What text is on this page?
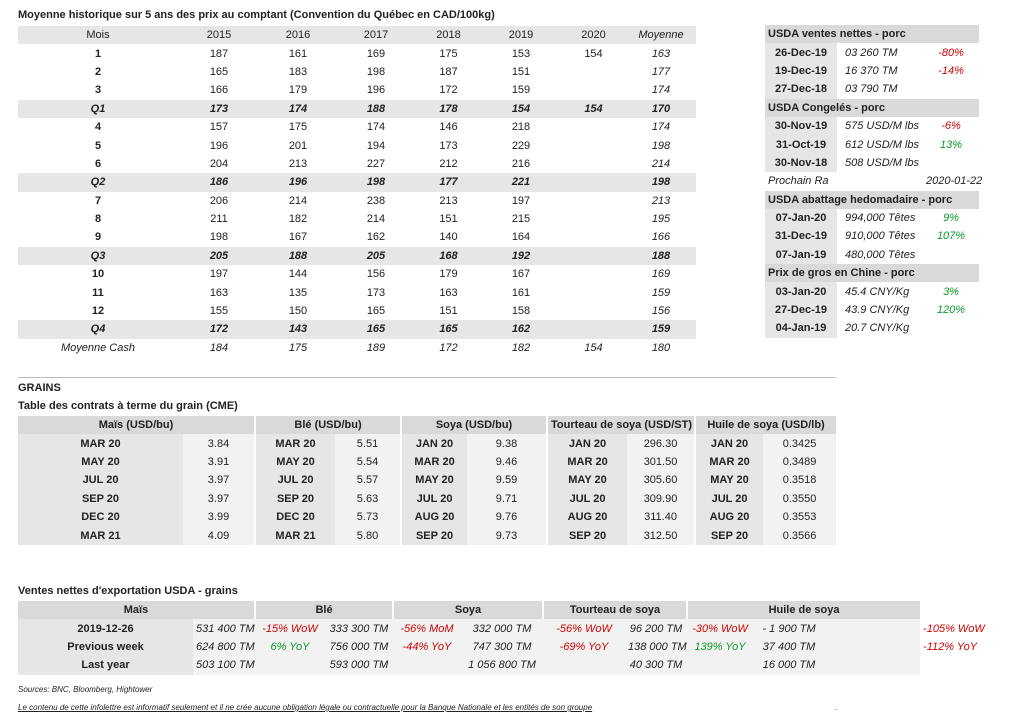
Moyenne historique sur 5 ans des prix au comptant (Convention du Québec en CAD/100kg)
Mois	2015	2016	2017	2018	2019	2020	Moyenne
1	187	161	169	175	153	154	163
2	165	183	198	187	151		177
3	166	179	196	172	159		174
Q1	173	174	188	178	154	154	170
4	157	175	174	146	218		174
5	196	201	194	173	229		198
6	204	213	227	212	216		214
Q2	186	196	198	177	221		198
7	206	214	238	213	197		213
8	211	182	214	151	215		195
9	198	167	162	140	164		166
Q3	205	188	205	168	192		188
10	197	144	156	179	167		169
11	163	135	173	163	161		159
12	155	150	165	151	158		156
Q4	172	143	165	165	162		159
Moyenne Cash	184	175	189	172	182	154	180
USDA ventes nettes - porc		
26-Dec-19	03 260 TM	-80%
19-Dec-19	16 370 TM	-14%
27-Dec-18	03 790 TM	
USDA Congelés - porc		
30-Nov-19	575 USD/M lbs	-6%
31-Oct-19	612 USD/M lbs	13%
30-Nov-18	508 USD/M lbs	
Prochain Ra		2020-01-22
USDA abattage hedomadaire - porc		
07-Jan-20	994,000 Têtes	9%
31-Dec-19	910,000 Têtes	107%
07-Jan-19	480,000 Têtes	
Prix de gros en Chine - porc		
03-Jan-20	45.4 CNY/Kg	3%
27-Dec-19	43.9 CNY/Kg	120%
04-Jan-19	20.7 CNY/Kg	
GRAINS
Table des contrats à terme du grain (CME)
Maïs (USD/bu)		Blé (USD/bu)		Soya (USD/bu)		Tourteau de soya (USD/ST)		Huile de soya (USD/lb)	
MAR 20	3.84	MAR 20	5.51	JAN 20	9.38	JAN 20	296.30	JAN 20	0.3425
MAY 20	3.91	MAY 20	5.54	MAR 20	9.46	MAR 20	301.50	MAR 20	0.3489
JUL 20	3.97	JUL 20	5.57	MAY 20	9.59	MAY 20	305.60	MAY 20	0.3518
SEP 20	3.97	SEP 20	5.63	JUL 20	9.71	JUL 20	309.90	JUL 20	0.3550
DEC 20	3.99	DEC 20	5.73	AUG 20	9.76	AUG 20	311.40	AUG 20	0.3553
MAR 21	4.09	MAR 21	5.80	SEP 20	9.73	SEP 20	312.50	SEP 20	0.3566
Ventes nettes d'exportation USDA - grains
Maïs		Blé		Soya		Tourteau de soya		Huile de soya			
2019-12-26	531 400 TM	-15% WoW	333 300 TM	-56% MoM	332 000 TM	-56% WoW	96 200 TM	-30% WoW	- 1 900 TM		-105% WoW
Previous week	624 800 TM	6% YoY	756 000 TM	-44% YoY	747 300 TM	-69% YoY	138 000 TM	139% YoY	37 400 TM		-112% YoY
Last year	503 100 TM		593 000 TM		1 056 800 TM		40 300 TM		16 000 TM		
Sources: BNC, Bloomberg, Hightower
Le contenu de cette infolettre est informatif seulement et il ne crée aucune obligation légale ou contractuelle pour la Banque Nationale et les entités de son groupe	.
